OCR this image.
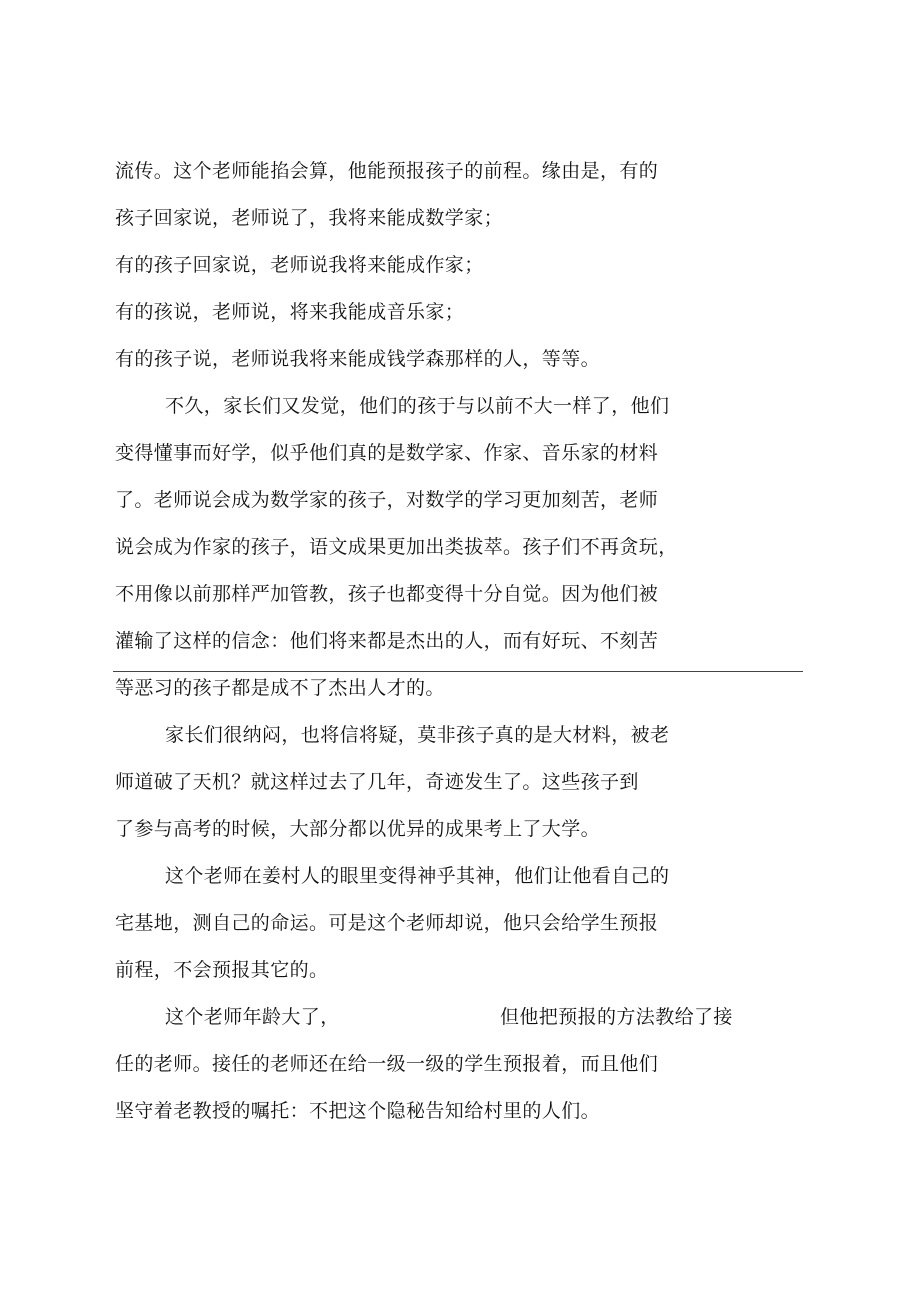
流传。这个老师能掐会算，他能预报孩子的前程。缘由是，有的
孩子回家说，老师说了，我将来能成数学家；
有的孩子回家说，老师说我将来能成作家；
有的孩说，老师说，将来我能成音乐家；
有的孩子说，老师说我将来能成钱学森那样的人，等等。
不久，家长们又发觉，他们的孩于与以前不大一样了，他们
变得懂事而好学，似乎他们真的是数学家、作家、音乐家的材料
了。老师说会成为数学家的孩子，对数学的学习更加刻苦，老师
说会成为作家的孩子，语文成果更加出类拔萃。孩子们不再贪玩，
不用像以前那样严加管教，孩子也都变得十分自觉。因为他们被
灌输了这样的信念：他们将来都是杰出的人，而有好玩、不刻苦
等恶习的孩子都是成不了杰出人才的。
家长们很纳闷，也将信将疑，莫非孩子真的是大材料，被老
师道破了天机？就这样过去了几年，奇迹发生了。这些孩子到
了参与高考的时候，大部分都以优异的成果考上了大学。
这个老师在姜村人的眼里变得神乎其神，他们让他看自己的
宅基地，测自己的命运。可是这个老师却说，他只会给学生预报
前程，不会预报其它的。
这个老师年龄大了，	但他把预报的方法教给了接
任的老师。接任的老师还在给一级一级的学生预报着，而且他们
坚守着老教授的嘱托：不把这个隐秘告知给村里的人们。
